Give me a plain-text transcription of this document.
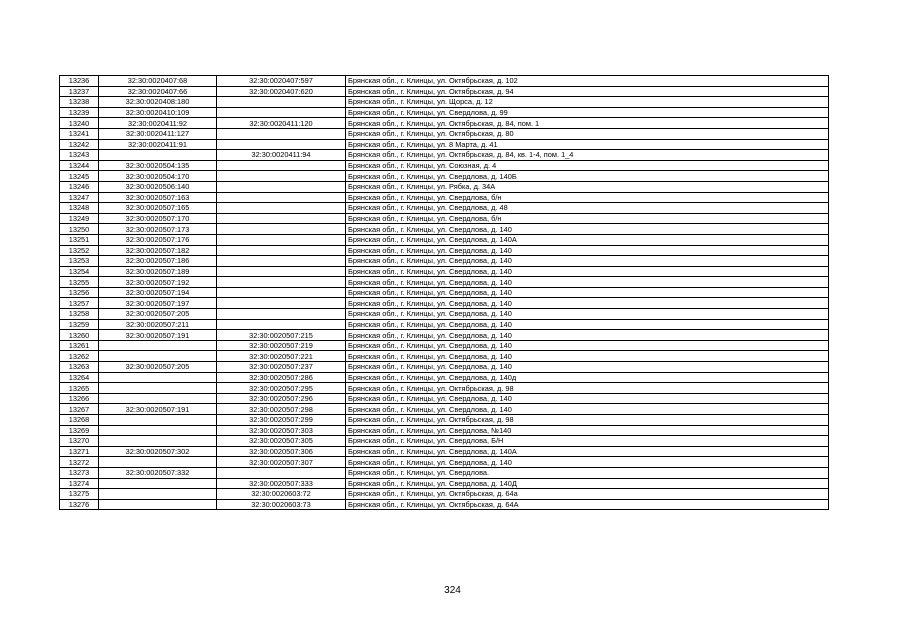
13236	32:30:0020407:68	32:30:0020407:597	Брянская обл., г. Клинцы, ул. Октябрьская, д. 102
13237	32:30:0020407:66	32:30:0020407:620	Брянская обл., г. Клинцы, ул. Октябрьская, д. 94
13238	32:30:0020408:180		Брянская обл., г. Клинцы, ул. Щорса, д. 12
13239	32:30:0020410:109		Брянская обл., г. Клинцы, ул. Свердлова, д. 99
13240	32:30:0020411:92	32:30:0020411:120	Брянская обл., г. Клинцы, ул. Октябрьская, д. 84, пом. 1
13241	32:30:0020411:127		Брянская обл., г. Клинцы, ул. Октябрьская, д. 80
13242	32:30:0020411:91		Брянская обл., г. Клинцы, ул. 8 Марта, д. 41
13243		32:30:0020411:94	Брянская обл., г. Клинцы, ул. Октябрьская, д. 84, кв. 1-4, пом. 1_4
13244	32:30:0020504:135		Брянская обл., г. Клинцы, ул. Союзная, д. 4
13245	32:30:0020504:170		Брянская обл., г. Клинцы, ул. Свердлова, д. 140Б
13246	32:30:0020506:140		Брянская обл., г. Клинцы, ул. Рябка, д. 34А
13247	32:30:0020507:163		Брянская обл., г. Клинцы, ул. Свердлова, б/н
13248	32:30:0020507:165		Брянская обл., г. Клинцы, ул. Свердлова, д. 48
13249	32:30:0020507:170		Брянская обл., г. Клинцы, ул. Свердлова, б/н
13250	32:30:0020507:173		Брянская обл., г. Клинцы, ул. Свердлова, д. 140
13251	32:30:0020507:176		Брянская обл., г. Клинцы, ул. Свердлова, д. 140А
13252	32:30:0020507:182		Брянская обл., г. Клинцы, ул. Свердлова, д. 140
13253	32:30:0020507:186		Брянская обл., г. Клинцы, ул. Свердлова, д. 140
13254	32:30:0020507:189		Брянская обл., г. Клинцы, ул. Свердлова, д. 140
13255	32:30:0020507:192		Брянская обл., г. Клинцы, ул. Свердлова, д. 140
13256	32:30:0020507:194		Брянская обл., г. Клинцы, ул. Свердлова, д. 140
13257	32:30:0020507:197		Брянская обл., г. Клинцы, ул. Свердлова, д. 140
13258	32:30:0020507:205		Брянская обл., г. Клинцы, ул. Свердлова, д. 140
13259	32:30:0020507:211		Брянская обл., г. Клинцы, ул. Свердлова, д. 140
13260	32:30:0020507:191	32:30:0020507:215	Брянская обл., г. Клинцы, ул. Свердлова, д. 140
13261		32:30:0020507:219	Брянская обл., г. Клинцы, ул. Свердлова, д. 140
13262		32:30:0020507:221	Брянская обл., г. Клинцы, ул. Свердлова, д. 140
13263	32:30:0020507:205	32:30:0020507:237	Брянская обл., г. Клинцы, ул. Свердлова, д. 140
13264		32:30:0020507:286	Брянская обл., г. Клинцы, ул. Свердлова, д. 140д
13265		32:30:0020507:295	Брянская обл., г. Клинцы, ул. Октябрьская, д. 98
13266		32:30:0020507:296	Брянская обл., г. Клинцы, ул. Свердлова, д. 140
13267	32:30:0020507:191	32:30:0020507:298	Брянская обл., г. Клинцы, ул. Свердлова, д. 140
13268		32:30:0020507:299	Брянская обл., г. Клинцы, ул. Октябрьская, д. 98
13269		32:30:0020507:303	Брянская обл., г. Клинцы, ул. Свердлова, №140
13270		32:30:0020507:305	Брянская обл., г. Клинцы, ул. Свердлова, Б/Н
13271	32:30:0020507:302	32:30:0020507:306	Брянская обл., г. Клинцы, ул. Свердлова, д. 140А
13272		32:30:0020507:307	Брянская обл., г. Клинцы, ул. Свердлова, д. 140
13273	32:30:0020507:332		Брянская обл., г. Клинцы, ул. Свердлова.
13274		32:30:0020507:333	Брянская обл., г. Клинцы, ул. Свердлова, д. 140Д
13275		32:30:0020603:72	Брянская обл., г. Клинцы, ул. Октябрьская, д. 64а
13276		32:30:0020603:73	Брянская обл., г. Клинцы, ул. Октябрьская, д. 64А
324
